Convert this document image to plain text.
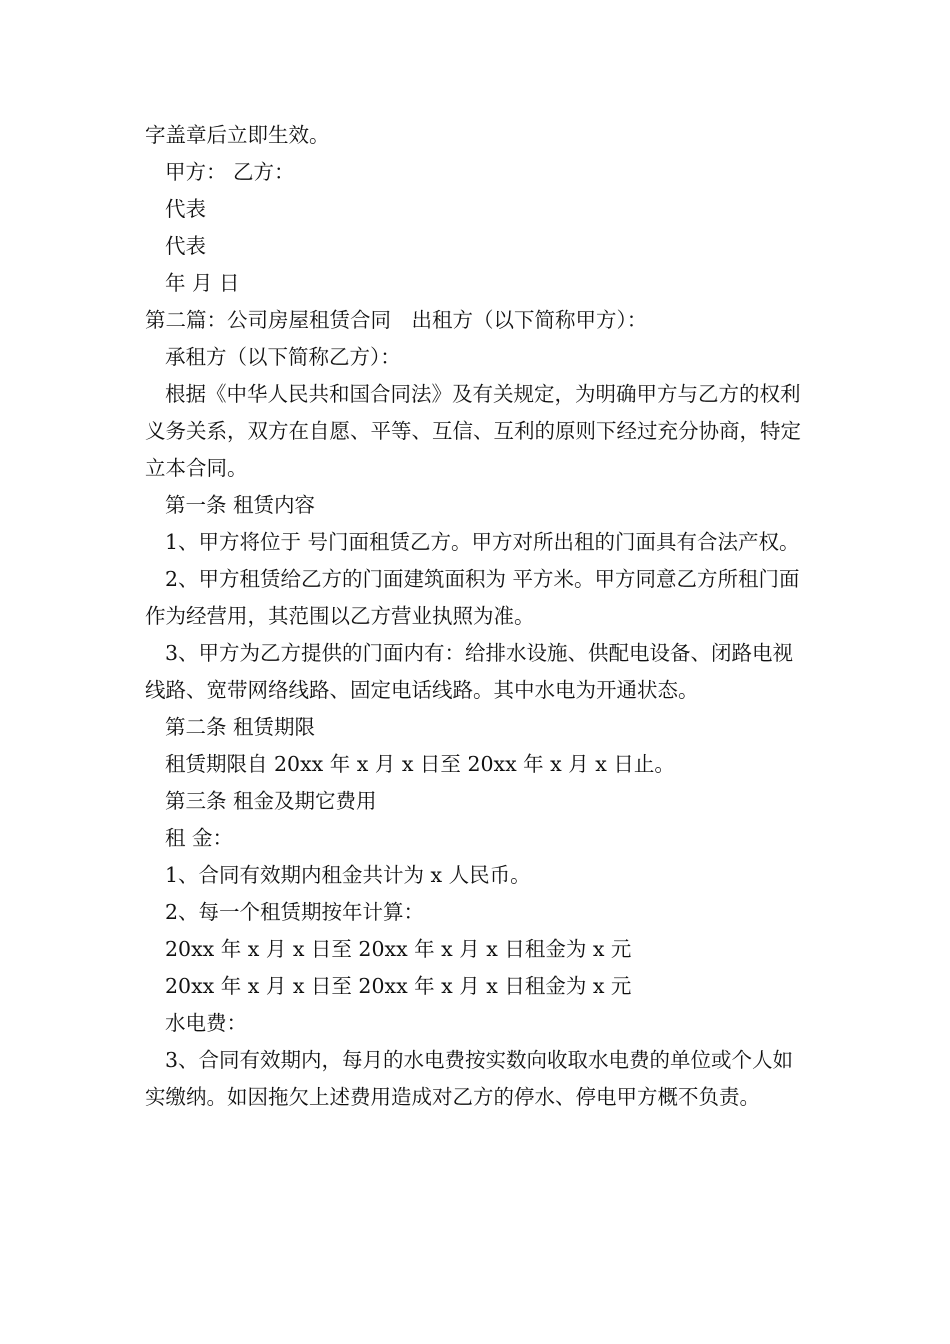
字盖章后立即生效。

甲方： 乙方：

代表

代表

年 月 日

第二篇：公司房屋租赁合同　出租方（以下简称甲方）：

承租方（以下简称乙方）：

根据《中华人民共和国合同法》及有关规定，为明确甲方与乙方的权利义务关系，双方在自愿、平等、互信、互利的原则下经过充分协商，特定立本合同。

第一条 租赁内容

1、甲方将位于 号门面租赁乙方。甲方对所出租的门面具有合法产权。

2、甲方租赁给乙方的门面建筑面积为 平方米。甲方同意乙方所租门面作为经营用，其范围以乙方营业执照为准。

3、甲方为乙方提供的门面内有：给排水设施、供配电设备、闭路电视线路、宽带网络线路、固定电话线路。其中水电为开通状态。

第二条 租赁期限

租赁期限自 20xx 年 x 月 x 日至 20xx 年 x 月 x 日止。

第三条 租金及期它费用

租 金：

1、合同有效期内租金共计为 x 人民币。

2、每一个租赁期按年计算：

20xx 年 x 月 x 日至 20xx 年 x 月 x 日租金为 x 元

20xx 年 x 月 x 日至 20xx 年 x 月 x 日租金为 x 元

水电费：

3、合同有效期内，每月的水电费按实数向收取水电费的单位或个人如实缴纳。如因拖欠上述费用造成对乙方的停水、停电甲方概不负责。
